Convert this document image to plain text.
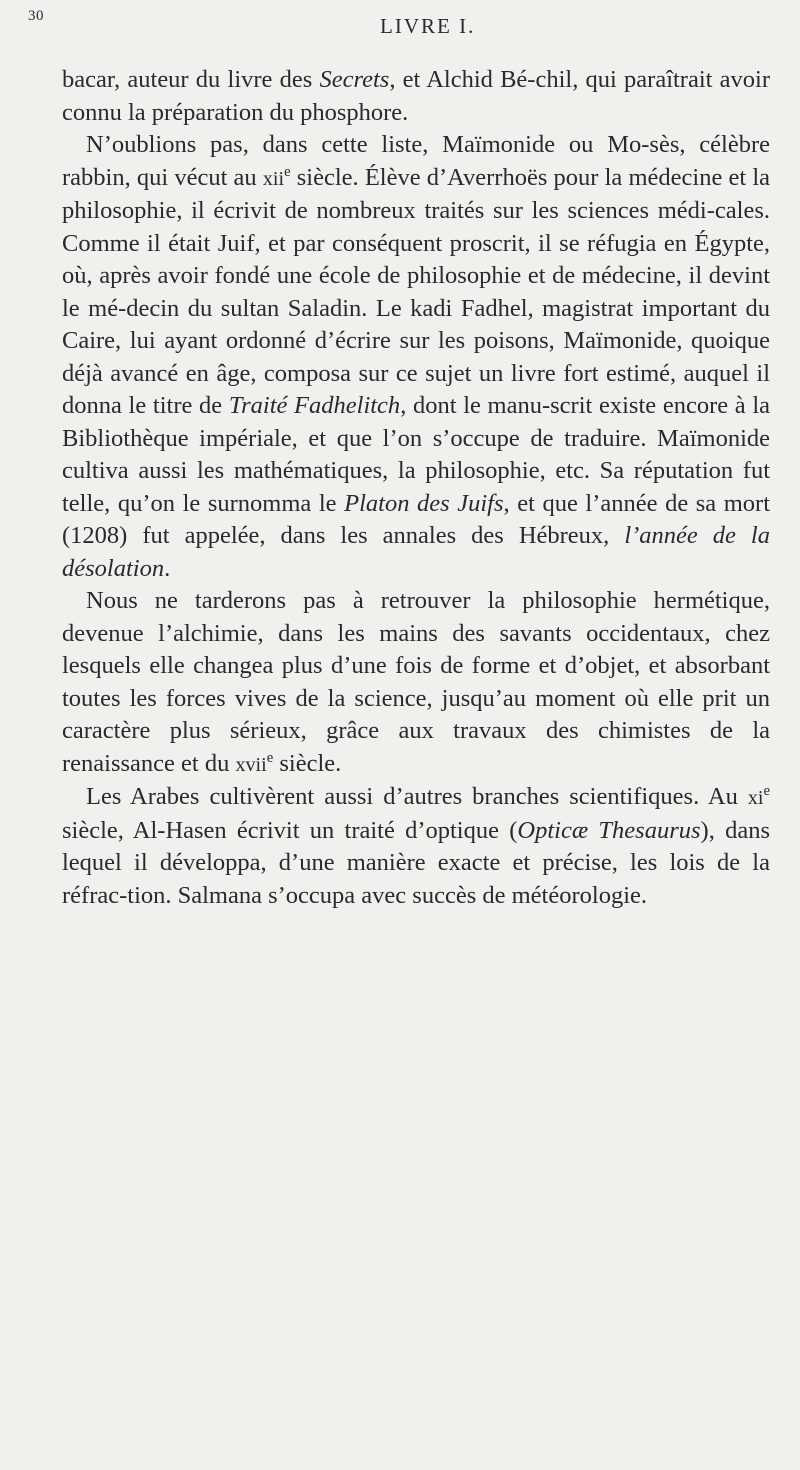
30	LIVRE I.

bacar, auteur du livre des Secrets, et Alchid Bé-chil, qui paraîtrait avoir connu la préparation du phosphore.

N’oublions pas, dans cette liste, Maïmonide ou Mo-sès, célèbre rabbin, qui vécut au xii$^e$ siècle. Élève d’Averrhoës pour la médecine et la philosophie, il écrivit de nombreux traités sur les sciences médi-cales. Comme il était Juif, et par conséquent proscrit, il se réfugia en Égypte, où, après avoir fondé une école de philosophie et de médecine, il devint le mé-decin du sultan Saladin. Le kadi Fadhel, magistrat important du Caire, lui ayant ordonné d’écrire sur les poisons, Maïmonide, quoique déjà avancé en âge, composa sur ce sujet un livre fort estimé, auquel il donna le titre de Traité Fadhelitch, dont le manu-scrit existe encore à la Bibliothèque impériale, et que l’on s’occupe de traduire. Maïmonide cultiva aussi les mathématiques, la philosophie, etc. Sa réputation fut telle, qu’on le surnomma le Platon des Juifs, et que l’année de sa mort (1208) fut appelée, dans les annales des Hébreux, l’année de la désolation.

Nous ne tarderons pas à retrouver la philosophie hermétique, devenue l’alchimie, dans les mains des savants occidentaux, chez lesquels elle changea plus d’une fois de forme et d’objet, et absorbant toutes les forces vives de la science, jusqu’au moment où elle prit un caractère plus sérieux, grâce aux travaux des chimistes de la renaissance et du xvii$^e$ siècle.

Les Arabes cultivèrent aussi d’autres branches scientifiques. Au $xi^e$ siècle, Al-Hasen écrivit un traité d’optique (Opticæ Thesaurus), dans lequel il développa, d’une manière exacte et précise, les lois de la réfrac-tion. Salmana s’occupa avec succès de météorologie.
